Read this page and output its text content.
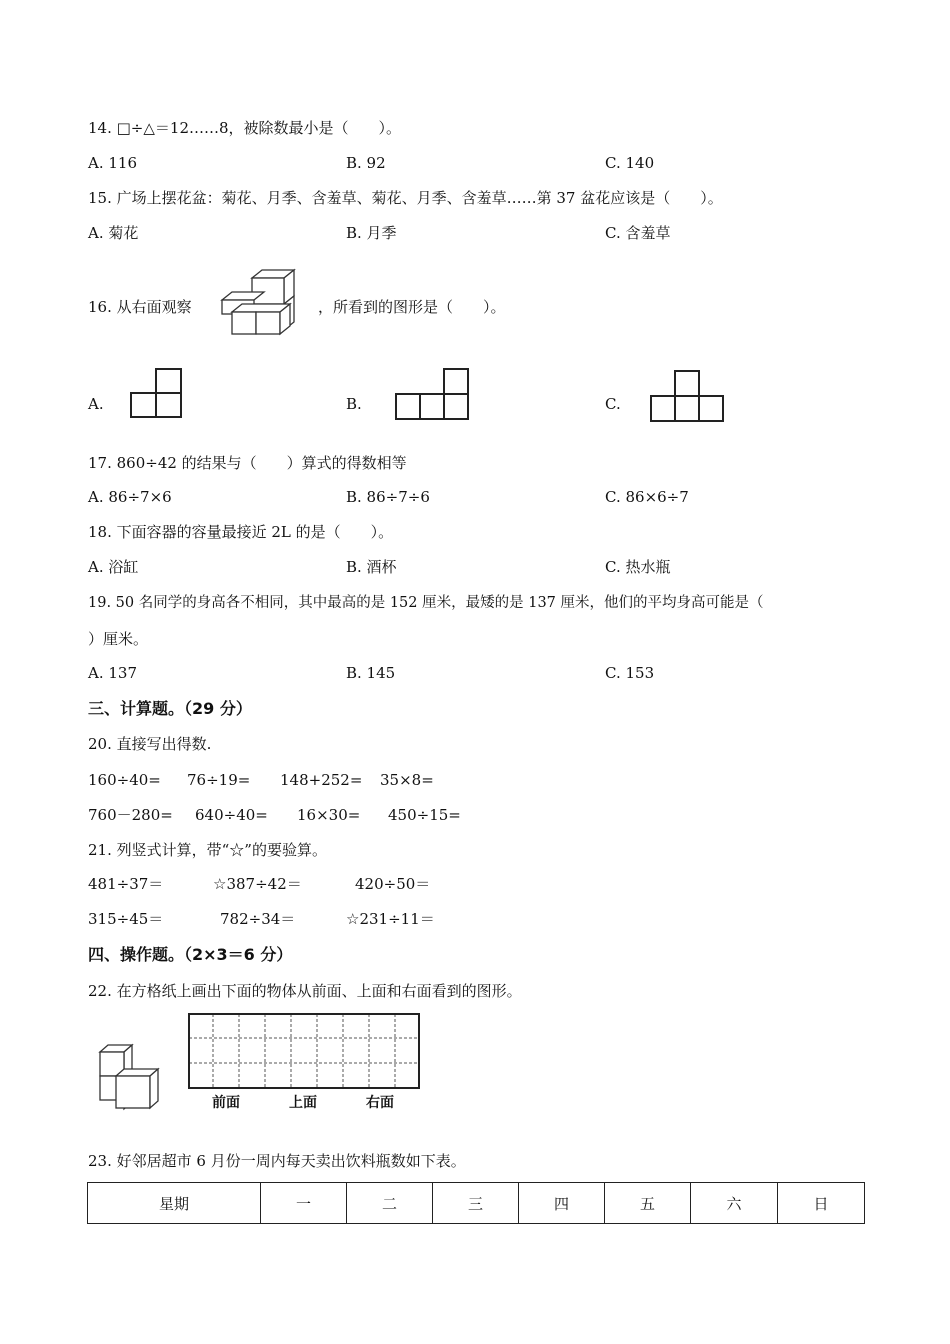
14. □÷△＝12……8，被除数最小是（　　）。
A. 116	B. 92	C. 140
15. 广场上摆花盆：菊花、月季、含羞草、菊花、月季、含羞草……第 37 盆花应该是（　　）。
A. 菊花	B. 月季	C. 含羞草
16. 从右面观察	，所看到的图形是（　　）。
A.	B.	C.
17. 860÷42 的结果与（　　）算式的得数相等
A. 86÷7×6	B. 86÷7÷6	C. 86×6÷7
18. 下面容器的容量最接近 2L 的是（　　）。
A. 浴缸	B. 酒杯	C. 热水瓶
19. 50 名同学的身高各不相同，其中最高的是 152 厘米，最矮的是 137 厘米，他们的平均身高可能是（
）厘米。
A. 137	B. 145	C. 153
三、计算题。（29 分）
20. 直接写出得数.
160÷40= 76÷19= 148+252= 35×8=
760－280= 640÷40= 16×30= 450÷15=
21. 列竖式计算，带“☆”的要验算。
481÷37＝	☆387÷42＝	420÷50＝
315÷45＝	782÷34＝	☆231÷11＝
四、操作题。（2×3＝6 分）
22. 在方格纸上画出下面的物体从前面、上面和右面看到的图形。
前面	上面	右面
23. 好邻居超市 6 月份一周内每天卖出饮料瓶数如下表。
星期	一	二	三	四	五	六	日
